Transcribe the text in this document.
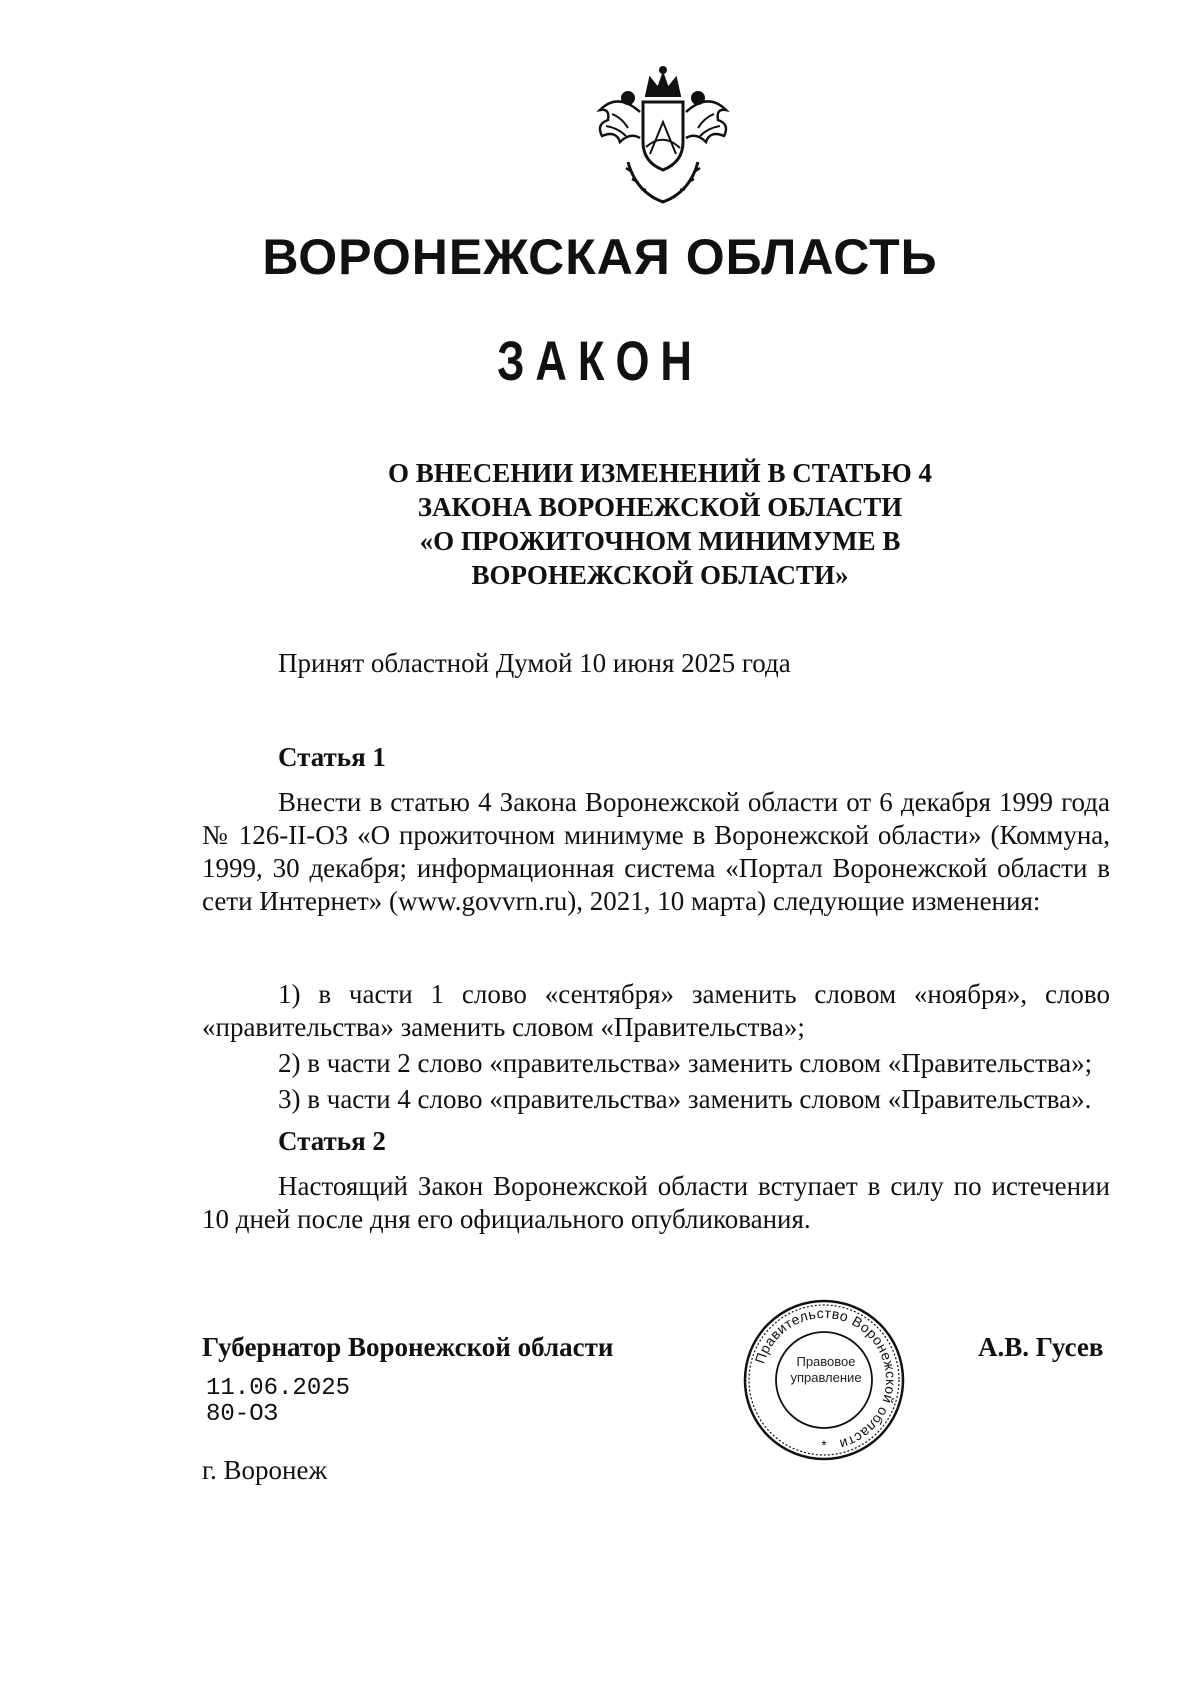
ВОРОНЕЖСКАЯ ОБЛАСТЬ
ЗАКОН
О ВНЕСЕНИИ ИЗМЕНЕНИЙ В СТАТЬЮ 4
ЗАКОНА ВОРОНЕЖСКОЙ ОБЛАСТИ
«О ПРОЖИТОЧНОМ МИНИМУМЕ В
ВОРОНЕЖСКОЙ ОБЛАСТИ»
Принят областной Думой 10 июня 2025 года
Статья 1
Внести в статью 4 Закона Воронежской области от 6 декабря 1999 года № 126-II-ОЗ «О прожиточном минимуме в Воронежской области» (Коммуна, 1999, 30 декабря; информационная система «Портал Воронежской области в сети Интернет» (www.govvrn.ru), 2021, 10 марта) следующие изменения:
1) в части 1 слово «сентября» заменить словом «ноября», слово «правительства» заменить словом «Правительства»;
2) в части 2 слово «правительства» заменить словом «Правительства»;
3) в части 4 слово «правительства» заменить словом «Правительства».
Статья 2
Настоящий Закон Воронежской области вступает в силу по истечении 10 дней после дня его официального опубликования.
Губернатор Воронежской области	А.В. Гусев
11.06.2025
80-ОЗ
г. Воронеж
Правительство Воронежской области
*
Правовое
управление
